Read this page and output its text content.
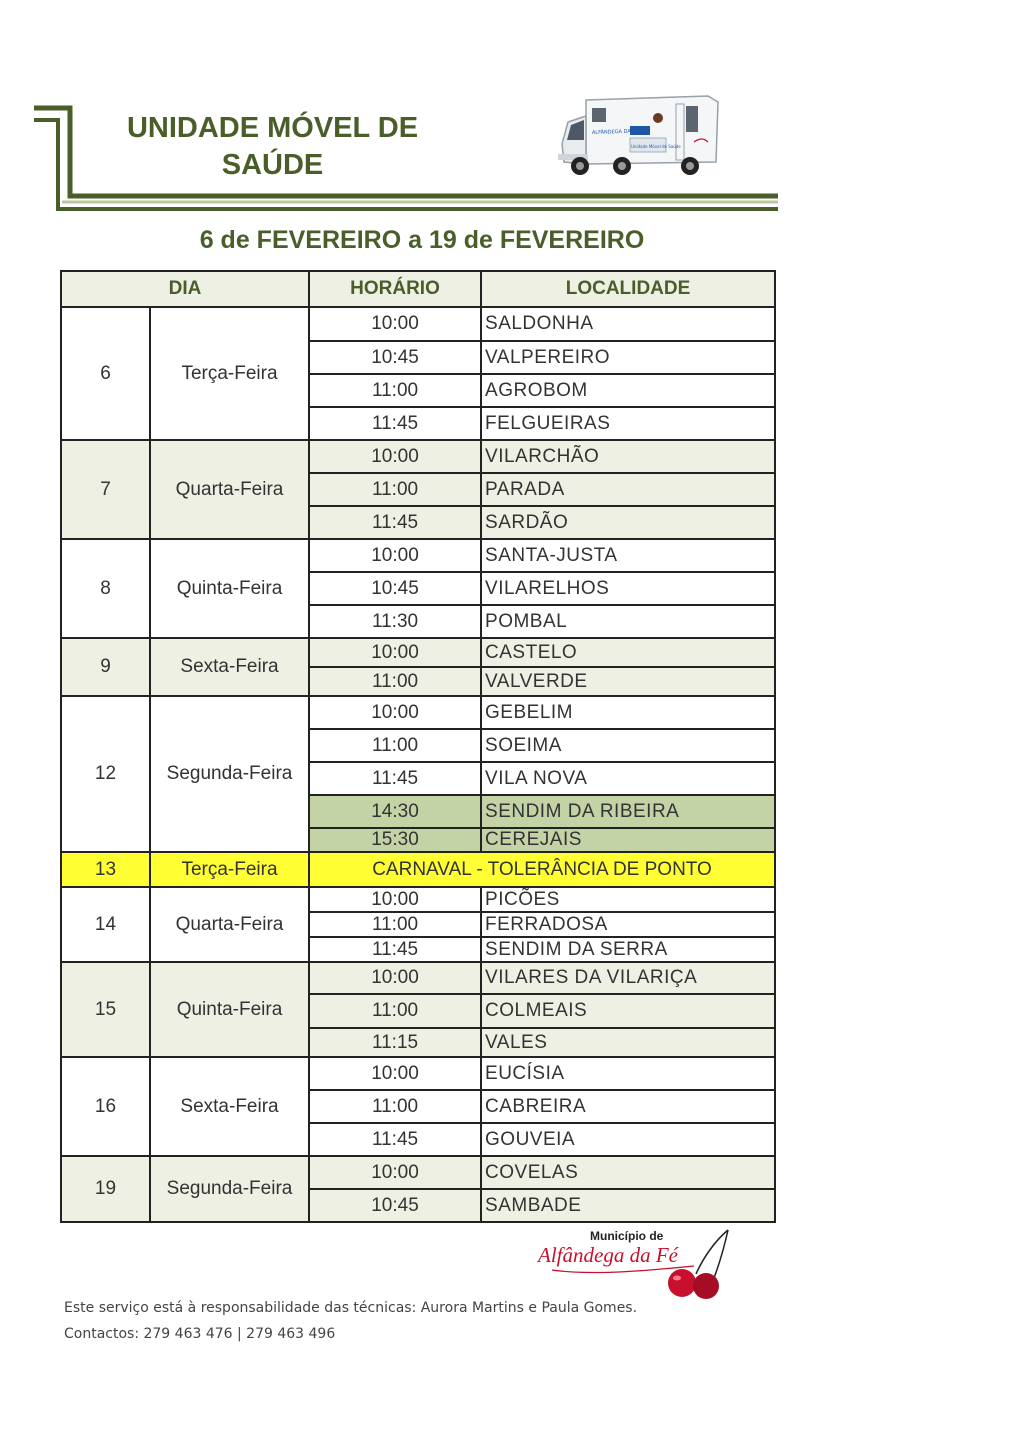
UNIDADE MÓVEL DE
SAÚDE
ALFÂNDEGA DA FÉ
Unidade Móvel de Saúde
6 de FEVEREIRO a 19 de FEVEREIRO
DIA		HORÁRIO	LOCALIDADE
6	Terça-Feira	10:00	SALDONHA
		10:45	VALPEREIRO
		11:00	AGROBOM
		11:45	FELGUEIRAS
7	Quarta-Feira	10:00	VILARCHÃO
		11:00	PARADA
		11:45	SARDÃO
8	Quinta-Feira	10:00	SANTA-JUSTA
		10:45	VILARELHOS
		11:30	POMBAL
9	Sexta-Feira	10:00	CASTELO
		11:00	VALVERDE
12	Segunda-Feira	10:00	GEBELIM
		11:00	SOEIMA
		11:45	VILA NOVA
		14:30	SENDIM DA RIBEIRA
		15:30	CEREJAIS
13	Terça-Feira	CARNAVAL - TOLERÂNCIA DE PONTO	
14	Quarta-Feira	10:00	PICÕES
		11:00	FERRADOSA
		11:45	SENDIM DA SERRA
15	Quinta-Feira	10:00	VILARES DA VILARIÇA
		11:00	COLMEAIS
		11:15	VALES
16	Sexta-Feira	10:00	EUCÍSIA
		11:00	CABREIRA
		11:45	GOUVEIA
19	Segunda-Feira	10:00	COVELAS
		10:45	SAMBADE
Município de
Alfândega da Fé
Este serviço está à responsabilidade das técnicas: Aurora Martins e Paula Gomes.
Contactos: 279 463 476 | 279 463 496
